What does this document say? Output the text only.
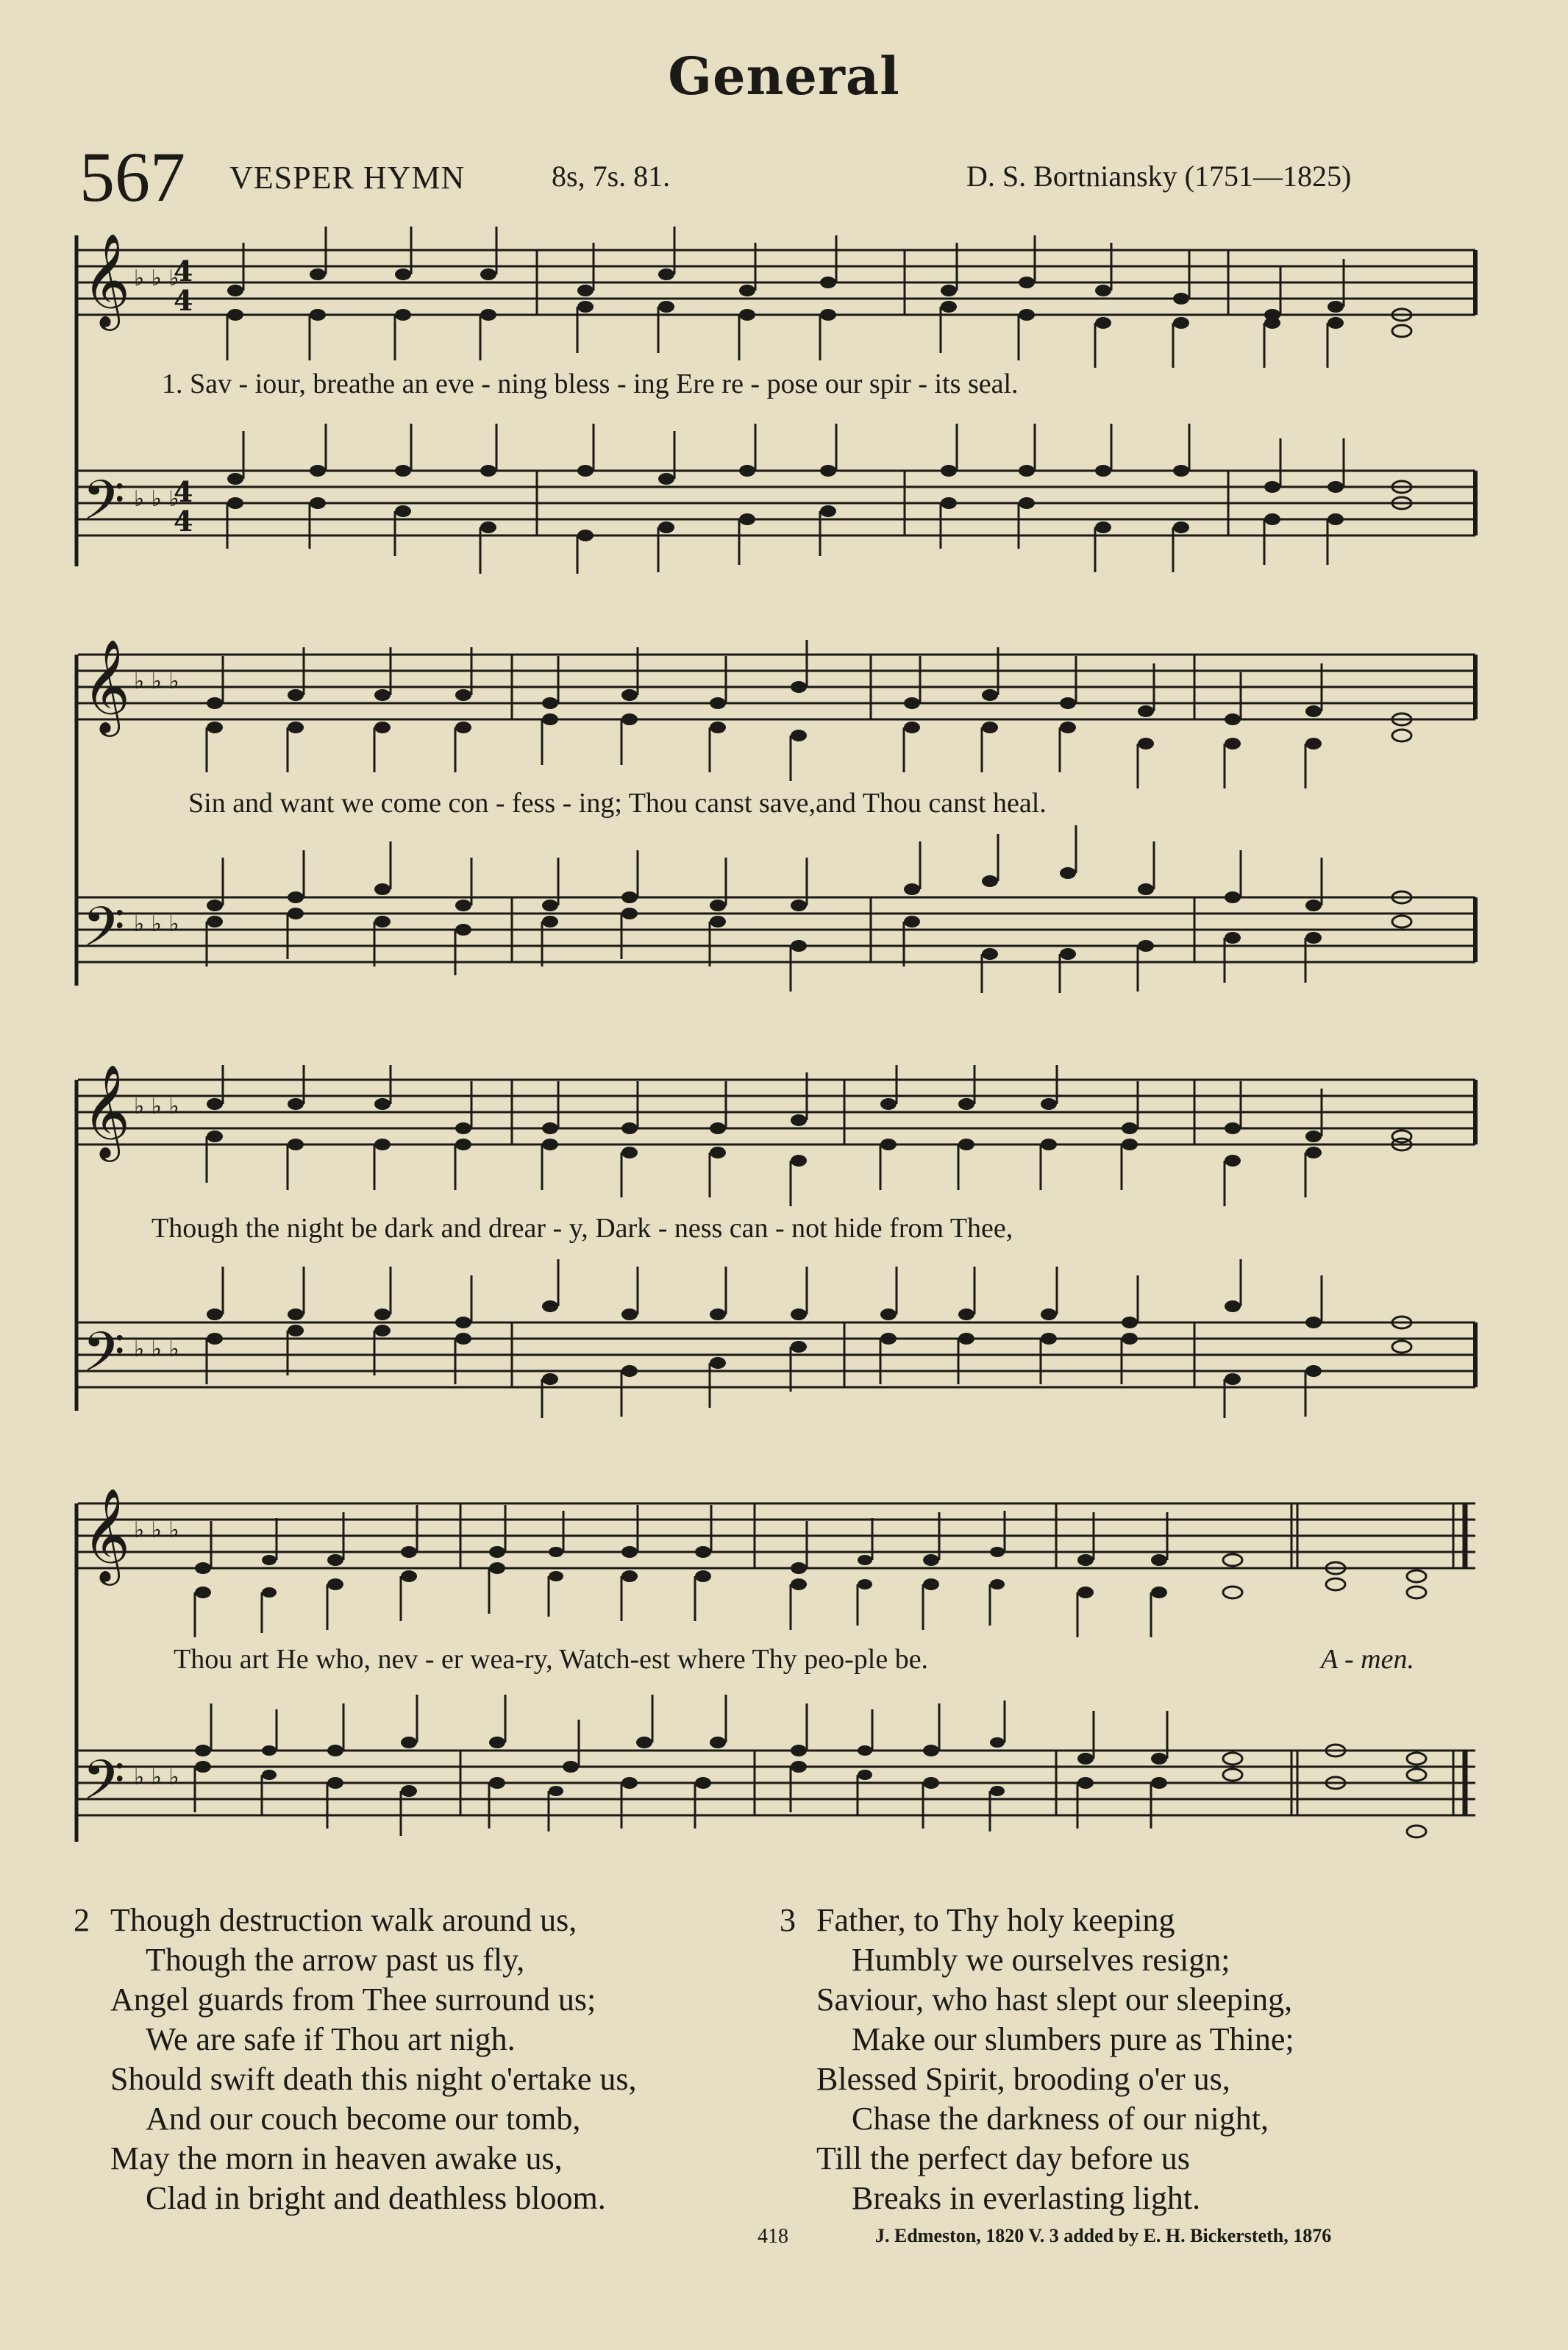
General
567 VESPER HYMN	8s, 7s. 81.	D. S. Bortniansky (1751—1825)
𝄞
𝄢
♭ ♭ ♭
♭ ♭ ♭
4
4
4
4
1. Sav - iour, breathe an eve - ning bless - ing Ere re - pose our spir - its seal.
𝄞
𝄢
♭ ♭ ♭
♭ ♭ ♭
Sin and want we come con - fess - ing; Thou canst save,and Thou canst heal.
𝄞
𝄢
♭ ♭ ♭
♭ ♭ ♭
Though the night be dark and drear - y, Dark - ness can - not hide from Thee,
𝄞
𝄢
♭ ♭ ♭
♭ ♭ ♭
Thou art He who, nev - er wea-ry, Watch-est where Thy peo-ple be.	A - men.
2 Though destruction walk around us,
Though the arrow past us fly,
Angel guards from Thee surround us;
We are safe if Thou art nigh.
Should swift death this night o'ertake us,
And our couch become our tomb,
May the morn in heaven awake us,
Clad in bright and deathless bloom.
3 Father, to Thy holy keeping
Humbly we ourselves resign;
Saviour, who hast slept our sleeping,
Make our slumbers pure as Thine;
Blessed Spirit, brooding o'er us,
Chase the darkness of our night,
Till the perfect day before us
Breaks in everlasting light.
418	J. Edmeston, 1820 V. 3 added by E. H. Bickersteth, 1876
